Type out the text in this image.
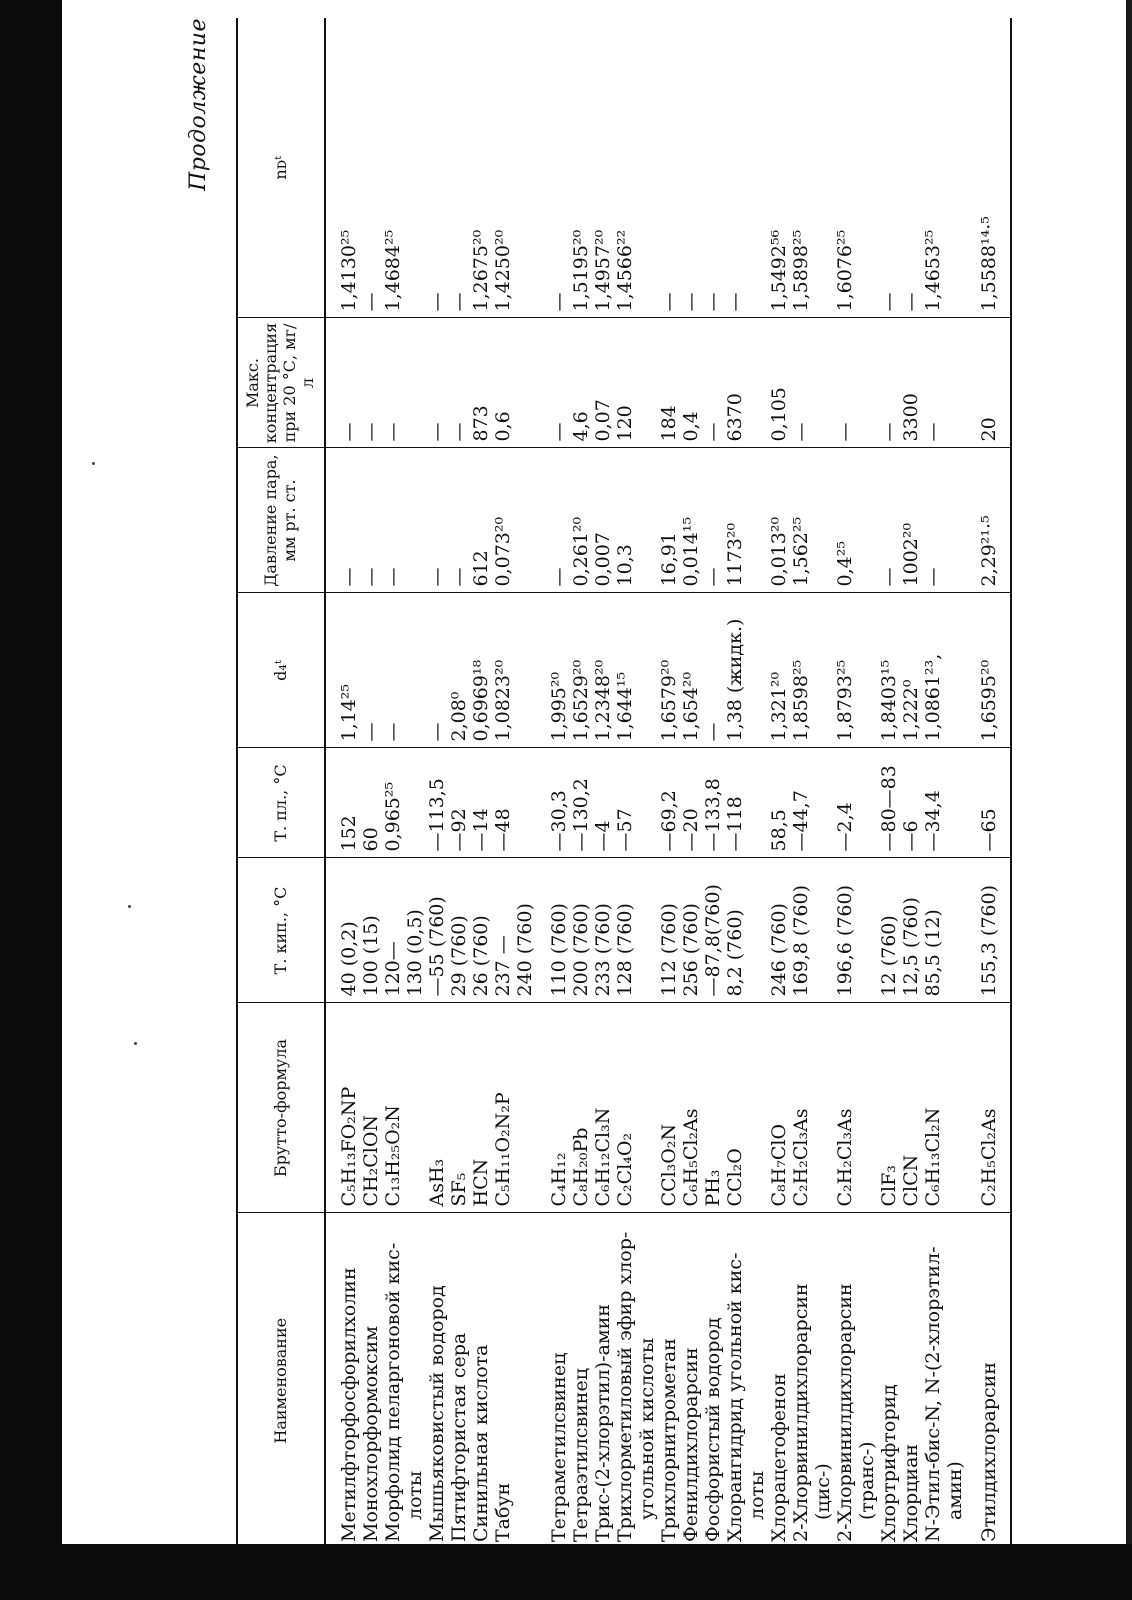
Продолжение
Наименование	Брутто-формула	Т. кип., °С	Т. пл., °С	d₄ᵗ	Давление пара, мм рт. ст.	Макс. концентрация при 20 °С, мг/л	nᴅᵗ
Метилфторфосфорилхолин	C₅H₁₃FO₂NP	40 (0,2)	152	1,14²⁵	—	—	1,4130²⁵
Монохлорформоксим	CH₂ClON	100 (15)	60	—	—	—	—
Морфолид пеларгоновой кис-	C₁₃H₂₅O₂N	120—	0,965²⁵	—	—	—	1,4684²⁵
лоты		130 (0,5)					
Мышьяковистый водород	AsH₃	—55 (760)	—113,5	—	—	—	—
Пятифтористая сера	SF₅	29 (760)	—92	2,08⁰	—	—	—
Синильная кислота	HCN	26 (760)	—14	0,6969¹⁸	612	873	1,2675²⁰
Табун	C₅H₁₁O₂N₂P	237 —	—48	1,0823²⁰	0,073²⁰	0,6	1,4250²⁰
		240 (760)					
Тетраметилсвинец	C₄H₁₂	110 (760)	—30,3	1,995²⁰	—	—	—
Тетраэтилсвинец	C₈H₂₀Pb	200 (760)	—130,2	1,6529²⁰	0,261²⁰	4,6	1,5195²⁰
Трис-(2-хлорэтил)-амин	C₆H₁₂Cl₃N	233 (760)	—4	1,2348²⁰	0,007	0,07	1,4957²⁰
Трихлорметиловый эфир хлор-	C₂Cl₄O₂	128 (760)	—57	1,644¹⁵	10,3	120	1,4566²²
угольной кислоты							
Трихлорнитрометан	CCl₃O₂N	112 (760)	—69,2	1,6579²⁰	16,91	184	—
Фенилдихлорарсин	C₆H₅Cl₂As	256 (760)	—20	1,654²⁰	0,014¹⁵	0,4	—
Фосфористый водород	PH₃	—87,8(760)	—133,8	—	—	—	—
Хлорангидрид угольной кис-	CCl₂O	8,2 (760)	—118	1,38 (жидк.)	1173²⁰	6370	—
лоты							
Хлорацетофенон	C₈H₇ClO	246 (760)	58,5	1,321²⁰	0,013²⁰	0,105	1,5492⁵⁶
2-Хлорвинилдихлорарсин	C₂H₂Cl₃As	169,8 (760)	—44,7	1,8598²⁵	1,562²⁵	—	1,5898²⁵
(цис-)							
2-Хлорвинилдихлорарсин	C₂H₂Cl₃As	196,6 (760)	—2,4	1,8793²⁵	0,4²⁵	—	1,6076²⁵
(транс-)							
Хлортрифторид	ClF₃	12 (760)	—80—83	1,8403¹⁵	—	—	—
Хлорциан	ClCN	12,5 (760)	—6	1,222⁰	1002²⁰	3300	—
N-Этил-бис-N, N-(2-хлорэтил-	C₆H₁₃Cl₂N	85,5 (12)	—34,4	1,0861²³,	—	—	1,4653²⁵
амин)							
Этилдихлорарсин	C₂H₅Cl₂As	155,3 (760)	—65	1,6595²⁰	2,29²¹·⁵	20	1,5588¹⁴·⁵
